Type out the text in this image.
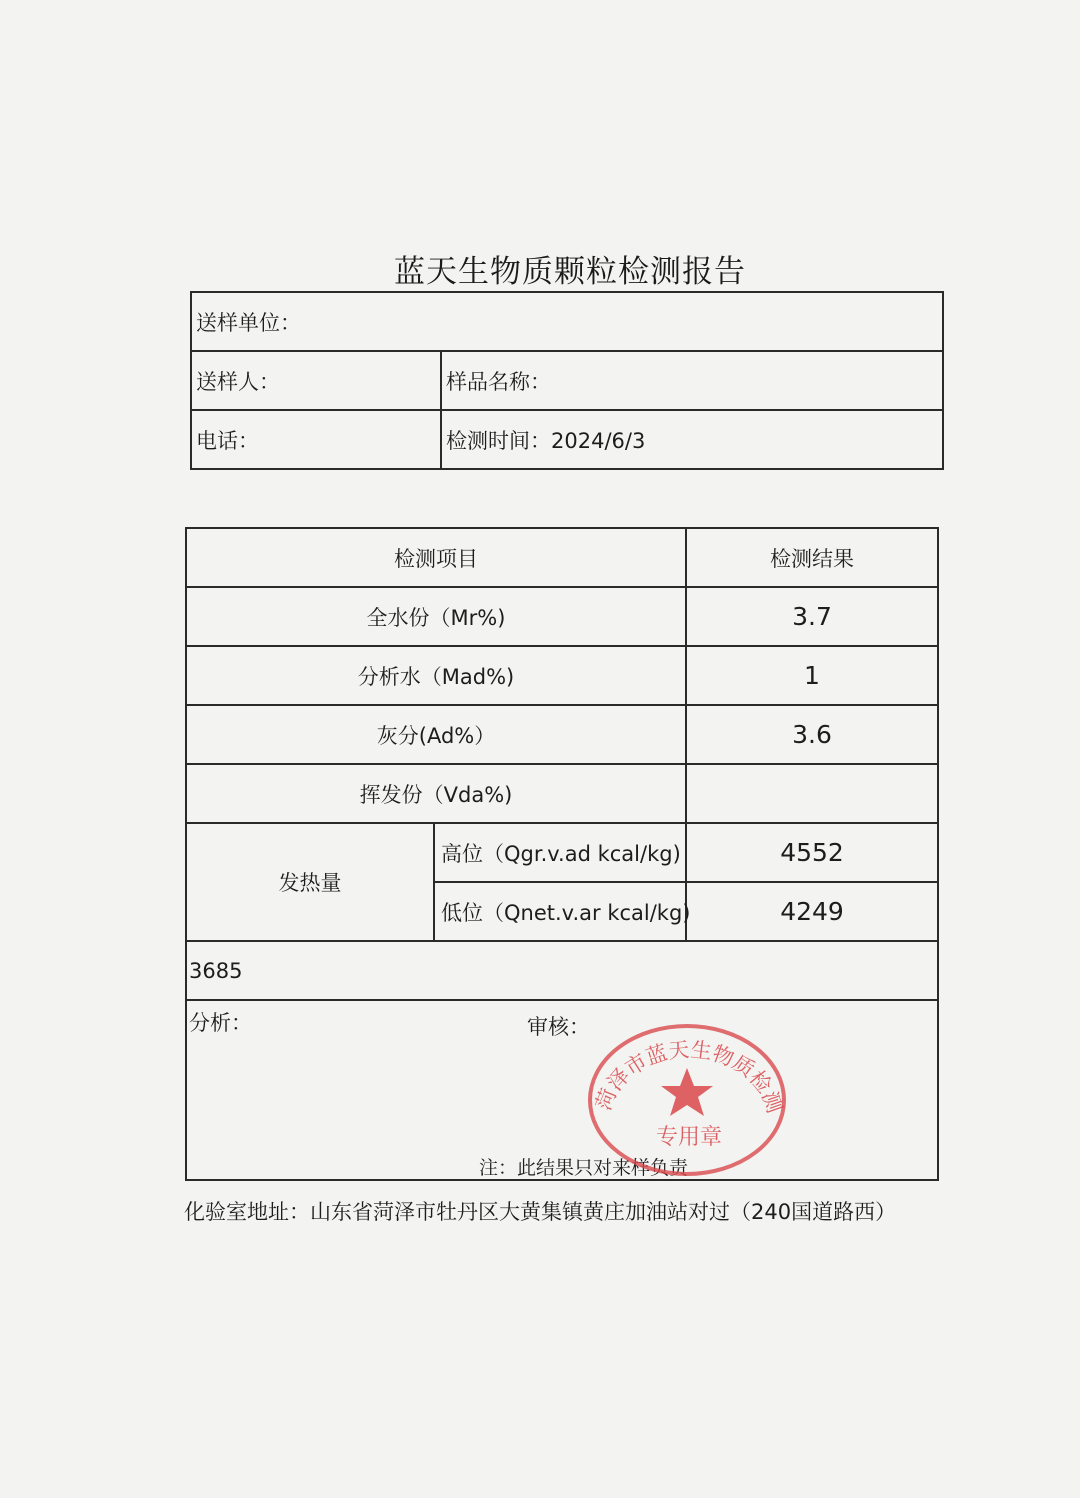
蓝天生物质颗粒检测报告
送样单位：	
送样人：	样品名称：
电话：	检测时间：2024/6/3
检测项目		检测结果
全水份（Mr%)		3.7
分析水（Mad%)		1
灰分(Ad%）		3.6
挥发份（Vda%)		
发热量	高位（Qgr.v.ad kcal/kg)	4552
	低位（Qnet.v.ar kcal/kg)	4249
3685		

分析： 审核：
注：此结果只对来样负责		
菏泽市蓝天生物质检测
专用章
化验室地址：山东省菏泽市牡丹区大黄集镇黄庄加油站对过（240国道路西）
